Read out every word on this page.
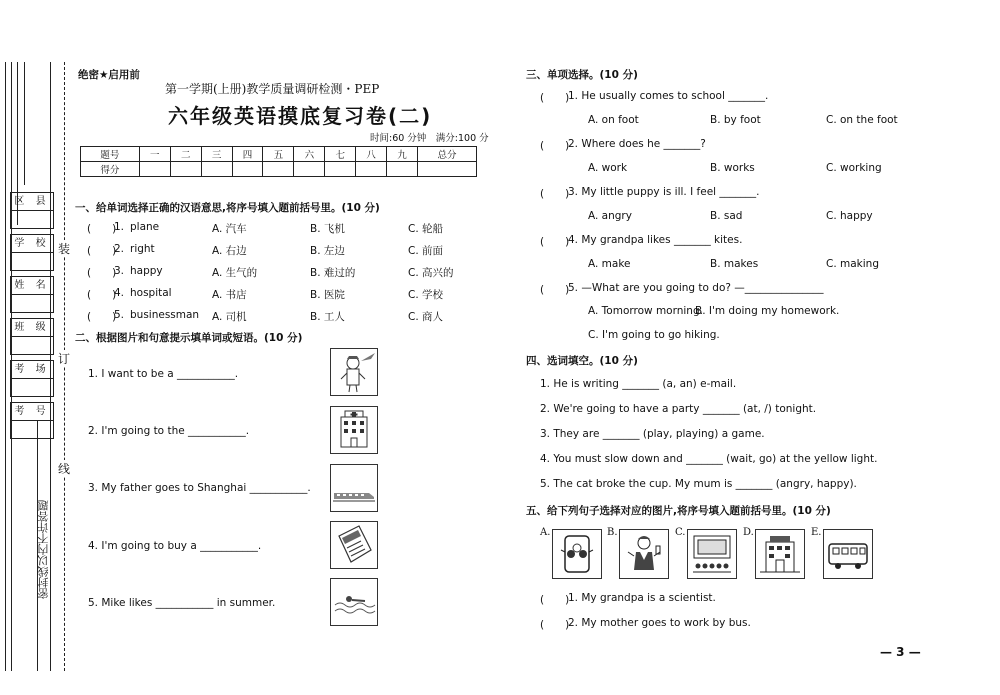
区 县
学 校
姓 名
班 级
考 场
考 号
装
订
线
密封线以内不许答题
绝密★启用前
第一学期(上册)教学质量调研检测・PEP
六年级英语摸底复习卷(二)
时间:60 分钟　满分:100 分
题号	一	二	三	四	五	六	七	八	九	总分
得分										
一、给单词选择正确的汉语意思,将序号填入题前括号里。(10 分)
(　　)
1. plane	A. 汽车	B. 飞机	C. 轮船
(　　)
2. right	A. 右边	B. 左边	C. 前面
(　　)
3. happy	A. 生气的	B. 难过的	C. 高兴的
(　　)
4. hospital	A. 书店	B. 医院	C. 学校
(　　)
5. businessman A. 司机	B. 工人	C. 商人
二、根据图片和句意提示填单词或短语。(10 分)
1. I want to be a ___________.
2. I'm going to the ___________.
3. My father goes to Shanghai ___________.
4. I'm going to buy a ___________.
5. Mike likes ___________ in summer.
三、单项选择。(10 分)
(　　)
1. He usually comes to school _______.
A. on foot	B. by foot	C. on the foot
(　　)
2. Where does he _______?
A. work	B. works	C. working
(　　)
3. My little puppy is ill. I feel _______.
A. angry	B. sad	C. happy
(　　)
4. My grandpa likes _______ kites.
A. make	B. makes	C. making
(　　)
5. —What are you going to do? —_______________
A. Tomorrow morning.
B. I'm doing my homework.
C. I'm going to go hiking.
四、选词填空。(10 分)
1. He is writing _______ (a, an) e-mail.
2. We're going to have a party _______ (at, /) tonight.
3. They are _______ (play, playing) a game.
4. You must slow down and _______ (wait, go) at the yellow light.
5. The cat broke the cup. My mum is _______ (angry, happy).
五、给下列句子选择对应的图片,将序号填入题前括号里。(10 分)
A.	B.	C.	D.	E.
(　　)
1. My grandpa is a scientist.
(　　)
2. My mother goes to work by bus.
— 3 —
